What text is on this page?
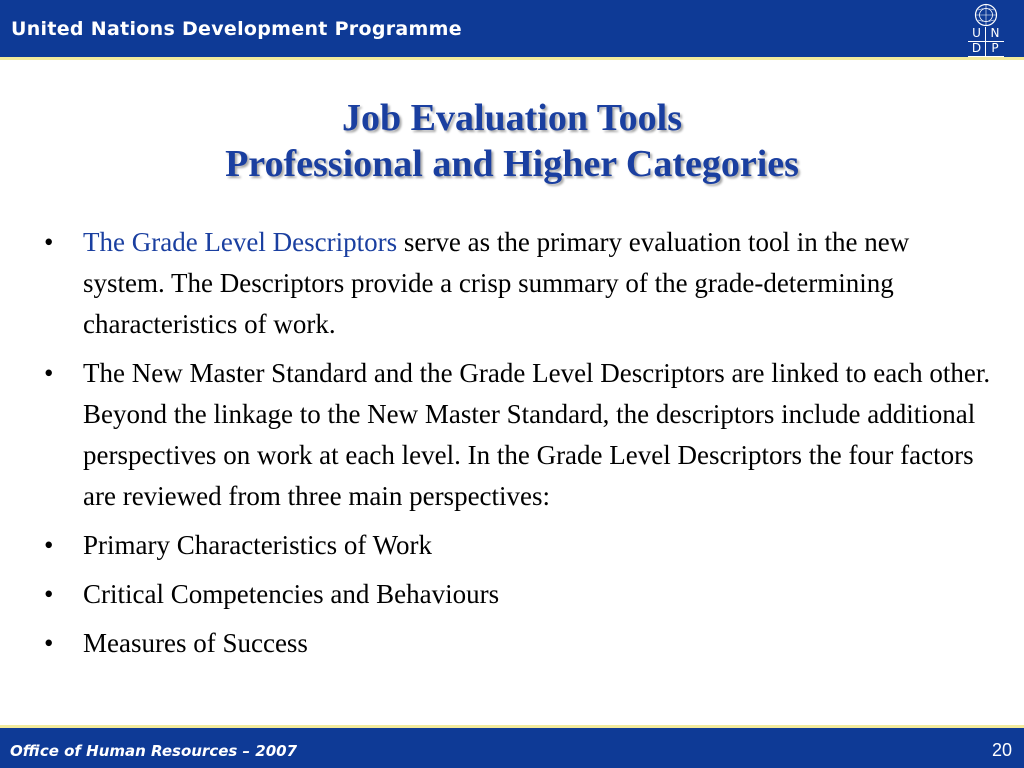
United Nations Development Programme	U N
D P
Job Evaluation Tools
Professional and Higher Categories
• The Grade Level Descriptors serve as the primary evaluation tool in the new system. The Descriptors provide a crisp summary of the grade-determining characteristics of work.
• The New Master Standard and the Grade Level Descriptors are linked to each other. Beyond the linkage to the New Master Standard, the descriptors include additional perspectives on work at each level. In the Grade Level Descriptors the four factors are reviewed from three main perspectives:
• Primary Characteristics of Work
• Critical Competencies and Behaviours
• Measures of Success
Office of Human Resources – 2007	20
